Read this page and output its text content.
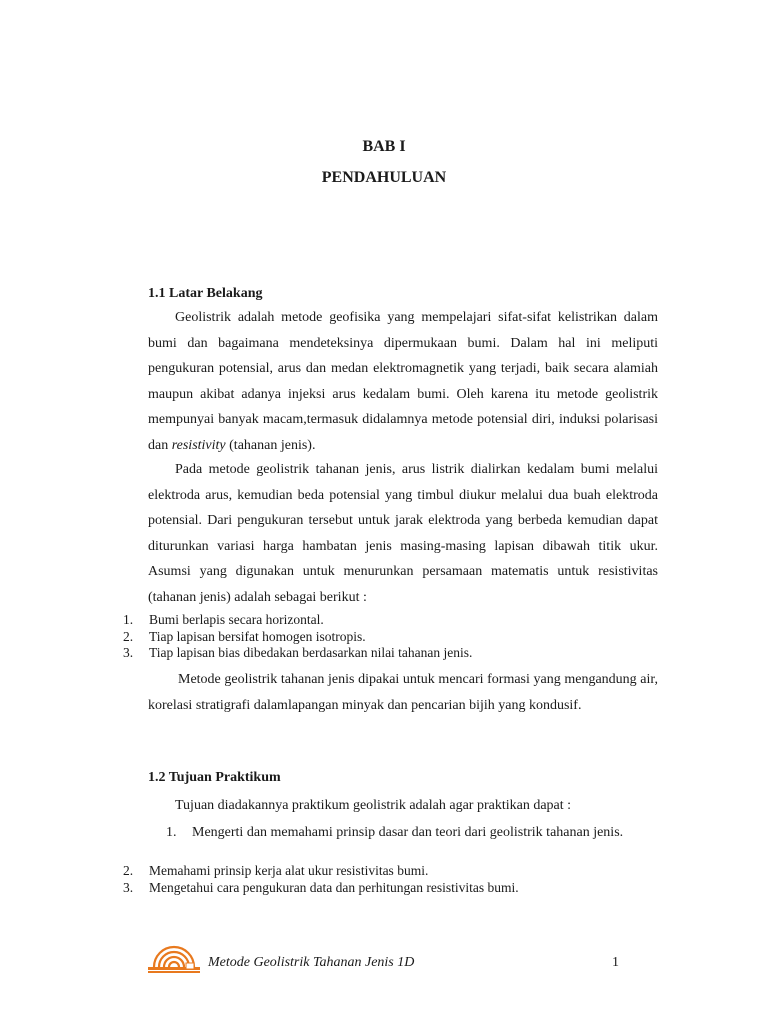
BAB I
PENDAHULUAN
1.1 Latar Belakang

Geolistrik adalah metode geofisika yang mempelajari sifat-sifat kelistrikan dalam bumi dan bagaimana mendeteksinya dipermukaan bumi. Dalam hal ini meliputi pengukuran potensial, arus dan medan elektromagnetik yang terjadi, baik secara alamiah maupun akibat adanya injeksi arus kedalam bumi. Oleh karena itu metode geolistrik mempunyai banyak macam,termasuk didalamnya metode potensial diri, induksi polarisasi dan resistivity (tahanan jenis).

Pada metode geolistrik tahanan jenis, arus listrik dialirkan kedalam bumi melalui elektroda arus, kemudian beda potensial yang timbul diukur melalui dua buah elektroda potensial. Dari pengukuran tersebut untuk jarak elektroda yang berbeda kemudian dapat diturunkan variasi harga hambatan jenis masing-masing lapisan dibawah titik ukur. Asumsi yang digunakan untuk menurunkan persamaan matematis untuk resistivitas (tahanan jenis) adalah sebagai berikut :

1.	Bumi berlapis secara horizontal.
2.	Tiap lapisan bersifat homogen isotropis.
3.	Tiap lapisan bias dibedakan berdasarkan nilai tahanan jenis.

Metode geolistrik tahanan jenis dipakai untuk mencari formasi yang mengandung air, korelasi stratigrafi dalamlapangan minyak dan pencarian bijih yang kondusif.

1.2 Tujuan Praktikum

Tujuan diadakannya praktikum geolistrik adalah agar praktikan dapat :

1.	Mengerti dan memahami prinsip dasar dan teori dari geolistrik tahanan jenis.
2.	Memahami prinsip kerja alat ukur resistivitas bumi.
3.	Mengetahui cara pengukuran data dan perhitungan resistivitas bumi.
Metode Geolistrik Tahanan Jenis 1D	1
